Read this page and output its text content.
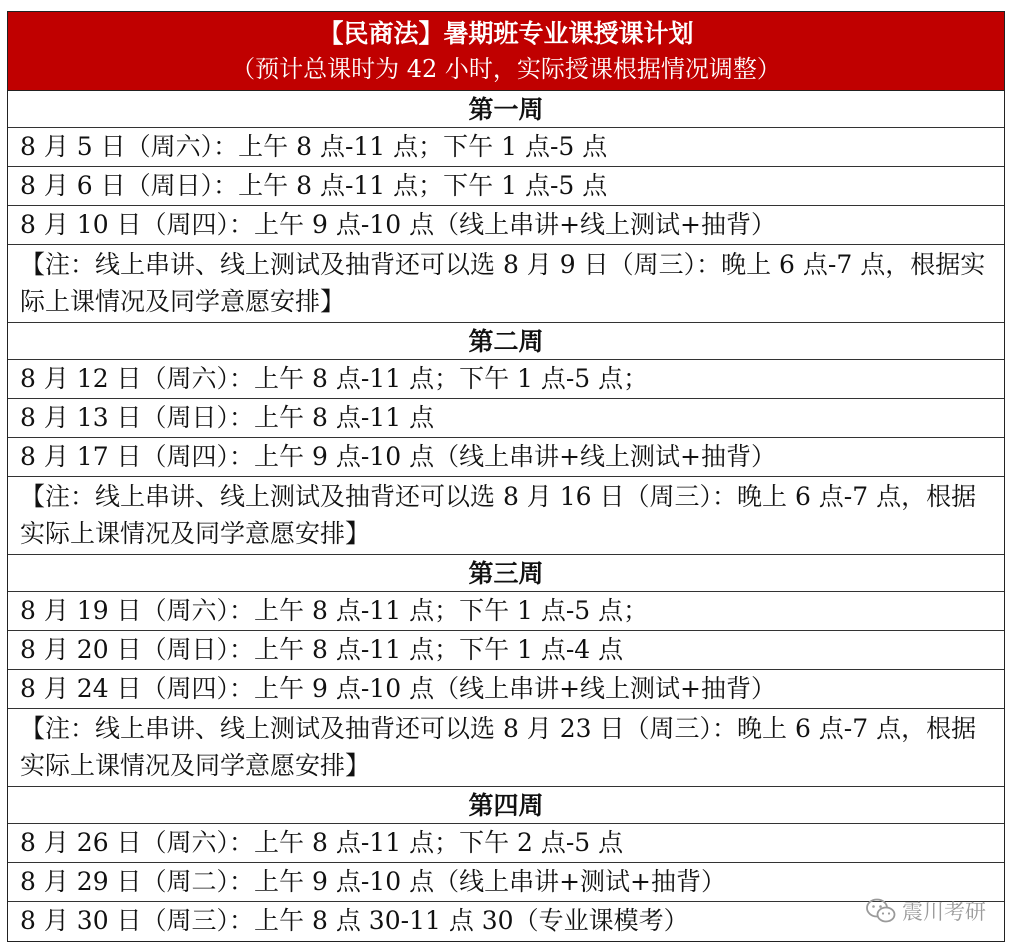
【民商法】暑期班专业课授课计划
（预计总课时为 42 小时，实际授课根据情况调整）
第一周
8 月 5 日（周六）：上午 8 点-11 点；下午 1 点-5 点
8 月 6 日（周日）：上午 8 点-11 点；下午 1 点-5 点
8 月 10 日（周四）：上午 9 点-10 点（线上串讲+线上测试+抽背）
【注：线上串讲、线上测试及抽背还可以选 8 月 9 日（周三）：晚上 6 点-7 点，根据实际上课情况及同学意愿安排】
第二周
8 月 12 日（周六）：上午 8 点-11 点；下午 1 点-5 点；
8 月 13 日（周日）：上午 8 点-11 点
8 月 17 日（周四）：上午 9 点-10 点（线上串讲+线上测试+抽背）
【注：线上串讲、线上测试及抽背还可以选 8 月 16 日（周三）：晚上 6 点-7 点，根据实际上课情况及同学意愿安排】
第三周
8 月 19 日（周六）：上午 8 点-11 点；下午 1 点-5 点；
8 月 20 日（周日）：上午 8 点-11 点；下午 1 点-4 点
8 月 24 日（周四）：上午 9 点-10 点（线上串讲+线上测试+抽背）
【注：线上串讲、线上测试及抽背还可以选 8 月 23 日（周三）：晚上 6 点-7 点，根据实际上课情况及同学意愿安排】
第四周
8 月 26 日（周六）：上午 8 点-11 点；下午 2 点-5 点
8 月 29 日（周二）：上午 9 点-10 点（线上串讲+测试+抽背）
8 月 30 日（周三）：上午 8 点 30-11 点 30（专业课模考）	震川考研
